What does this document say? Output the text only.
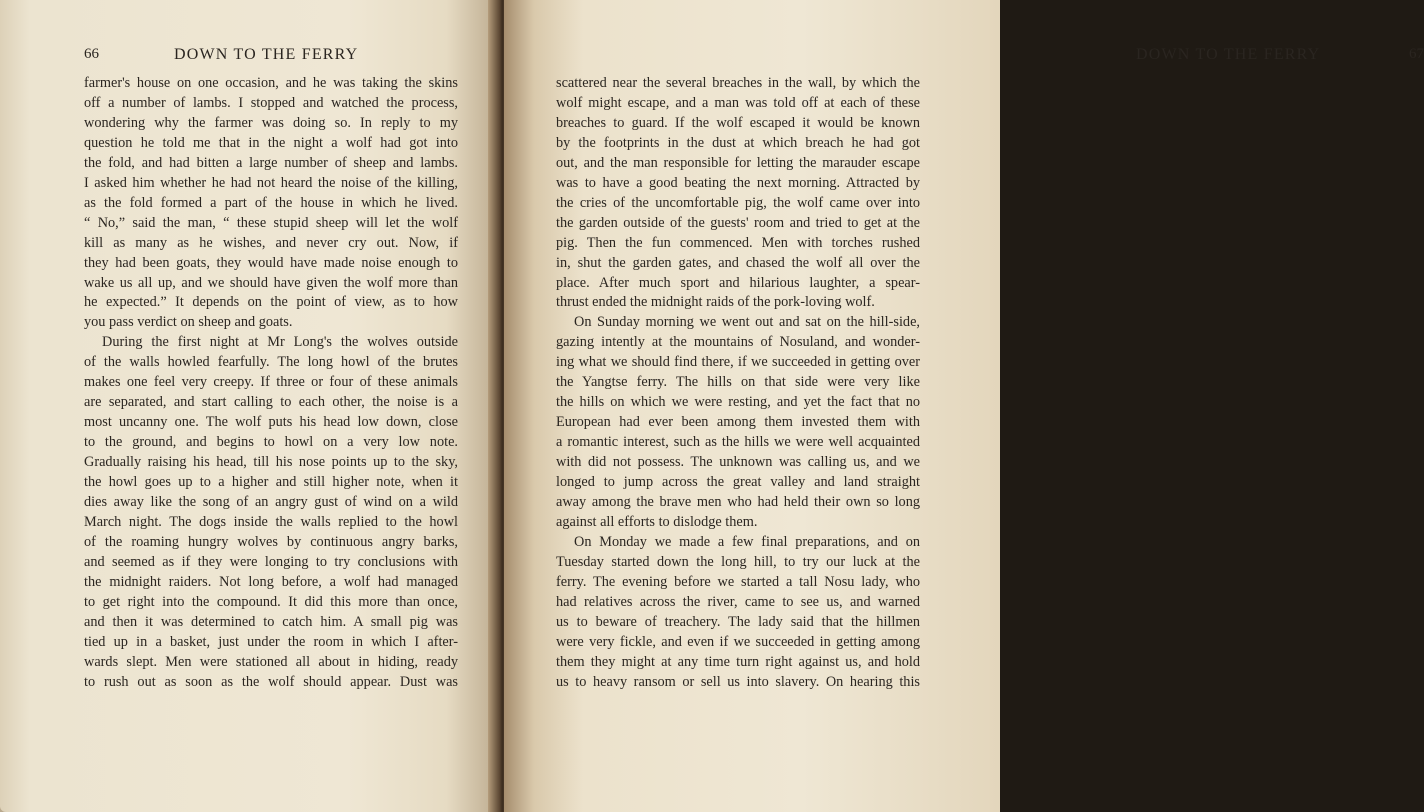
66	DOWN TO THE FERRY	DOWN TO THE FERRY	67
farmer's house on one occasion, and he was taking the skins
off a number of lambs. I stopped and watched the process,
wondering why the farmer was doing so. In reply to my
question he told me that in the night a wolf had got into
the fold, and had bitten a large number of sheep and lambs.
I asked him whether he had not heard the noise of the killing,
as the fold formed a part of the house in which he lived.
“ No,” said the man, “ these stupid sheep will let the wolf
kill as many as he wishes, and never cry out. Now, if
they had been goats, they would have made noise enough to
wake us all up, and we should have given the wolf more than
he expected.” It depends on the point of view, as to how
you pass verdict on sheep and goats.
During the first night at Mr Long's the wolves outside
of the walls howled fearfully. The long howl of the brutes
makes one feel very creepy. If three or four of these animals
are separated, and start calling to each other, the noise is a
most uncanny one. The wolf puts his head low down, close
to the ground, and begins to howl on a very low note.
Gradually raising his head, till his nose points up to the sky,
the howl goes up to a higher and still higher note, when it
dies away like the song of an angry gust of wind on a wild
March night. The dogs inside the walls replied to the howl
of the roaming hungry wolves by continuous angry barks,
and seemed as if they were longing to try conclusions with
the midnight raiders. Not long before, a wolf had managed
to get right into the compound. It did this more than once,
and then it was determined to catch him. A small pig was
tied up in a basket, just under the room in which I after-
wards slept. Men were stationed all about in hiding, ready
to rush out as soon as the wolf should appear. Dust was
scattered near the several breaches in the wall, by which the
wolf might escape, and a man was told off at each of these
breaches to guard. If the wolf escaped it would be known
by the footprints in the dust at which breach he had got
out, and the man responsible for letting the marauder escape
was to have a good beating the next morning. Attracted by
the cries of the uncomfortable pig, the wolf came over into
the garden outside of the guests' room and tried to get at the
pig. Then the fun commenced. Men with torches rushed
in, shut the garden gates, and chased the wolf all over the
place. After much sport and hilarious laughter, a spear-
thrust ended the midnight raids of the pork-loving wolf.
On Sunday morning we went out and sat on the hill-side,
gazing intently at the mountains of Nosuland, and wonder-
ing what we should find there, if we succeeded in getting over
the Yangtse ferry. The hills on that side were very like
the hills on which we were resting, and yet the fact that no
European had ever been among them invested them with
a romantic interest, such as the hills we were well acquainted
with did not possess. The unknown was calling us, and we
longed to jump across the great valley and land straight
away among the brave men who had held their own so long
against all efforts to dislodge them.
On Monday we made a few final preparations, and on
Tuesday started down the long hill, to try our luck at the
ferry. The evening before we started a tall Nosu lady, who
had relatives across the river, came to see us, and warned
us to beware of treachery. The lady said that the hillmen
were very fickle, and even if we succeeded in getting among
them they might at any time turn right against us, and hold
us to heavy ransom or sell us into slavery. On hearing this
